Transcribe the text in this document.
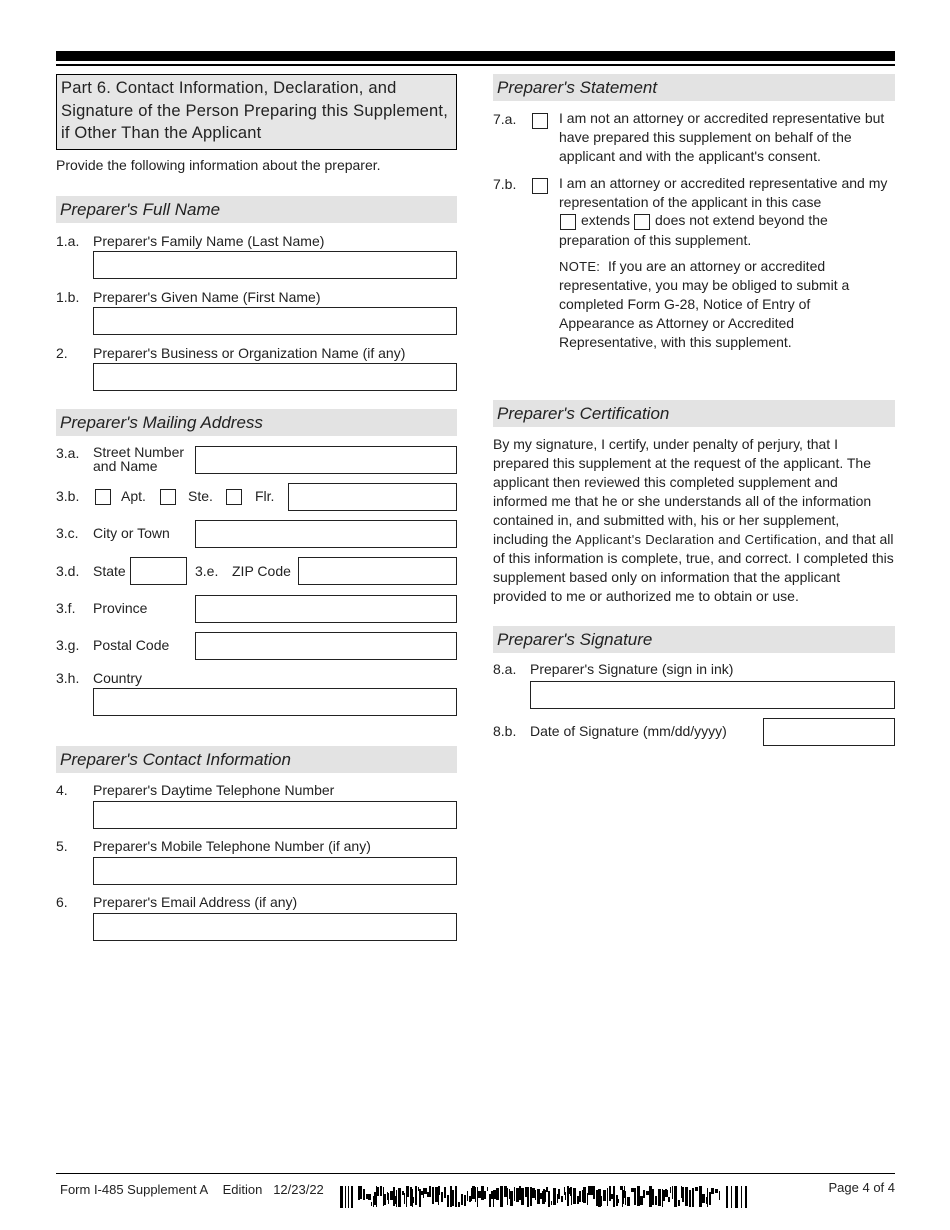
Part 6. Contact Information, Declaration, and Signature of the Person Preparing this Supplement, if Other Than the Applicant
Provide the following information about the preparer.
Preparer's Full Name
1.a. Preparer's Family Name (Last Name)
1.b. Preparer's Given Name (First Name)
2. Preparer's Business or Organization Name (if any)
Preparer's Mailing Address
3.a. Street Number
and Name
3.b.	Apt.	Ste.	Flr.
3.c. City or Town
3.d. State	3.e. ZIP Code
3.f. Province
3.g. Postal Code
3.h. Country
Preparer's Contact Information
4. Preparer's Daytime Telephone Number
5. Preparer's Mobile Telephone Number (if any)
6. Preparer's Email Address (if any)
Preparer's Statement
7.a.	I am not an attorney or accredited representative but have prepared this supplement on behalf of the applicant and with the applicant's consent.
7.b.	I am an attorney or accredited representative and my representation of the applicant in this case
extends does not extend beyond the
preparation of this supplement.
NOTE: If you are an attorney or accredited representative, you may be obliged to submit a completed Form G-28, Notice of Entry of Appearance as Attorney or Accredited Representative, with this supplement.
Preparer's Certification
By my signature, I certify, under penalty of perjury, that I prepared this supplement at the request of the applicant. The applicant then reviewed this completed supplement and informed me that he or she understands all of the information contained in, and submitted with, his or her supplement, including the Applicant's Declaration and Certification, and that all of this information is complete, true, and correct. I completed this supplement based only on information that the applicant provided to me or authorized me to obtain or use.
Preparer's Signature
8.a. Preparer's Signature (sign in ink)
8.b. Date of Signature (mm/dd/yyyy)
Form I-485 Supplement A Edition 12/23/22	Page 4 of 4
